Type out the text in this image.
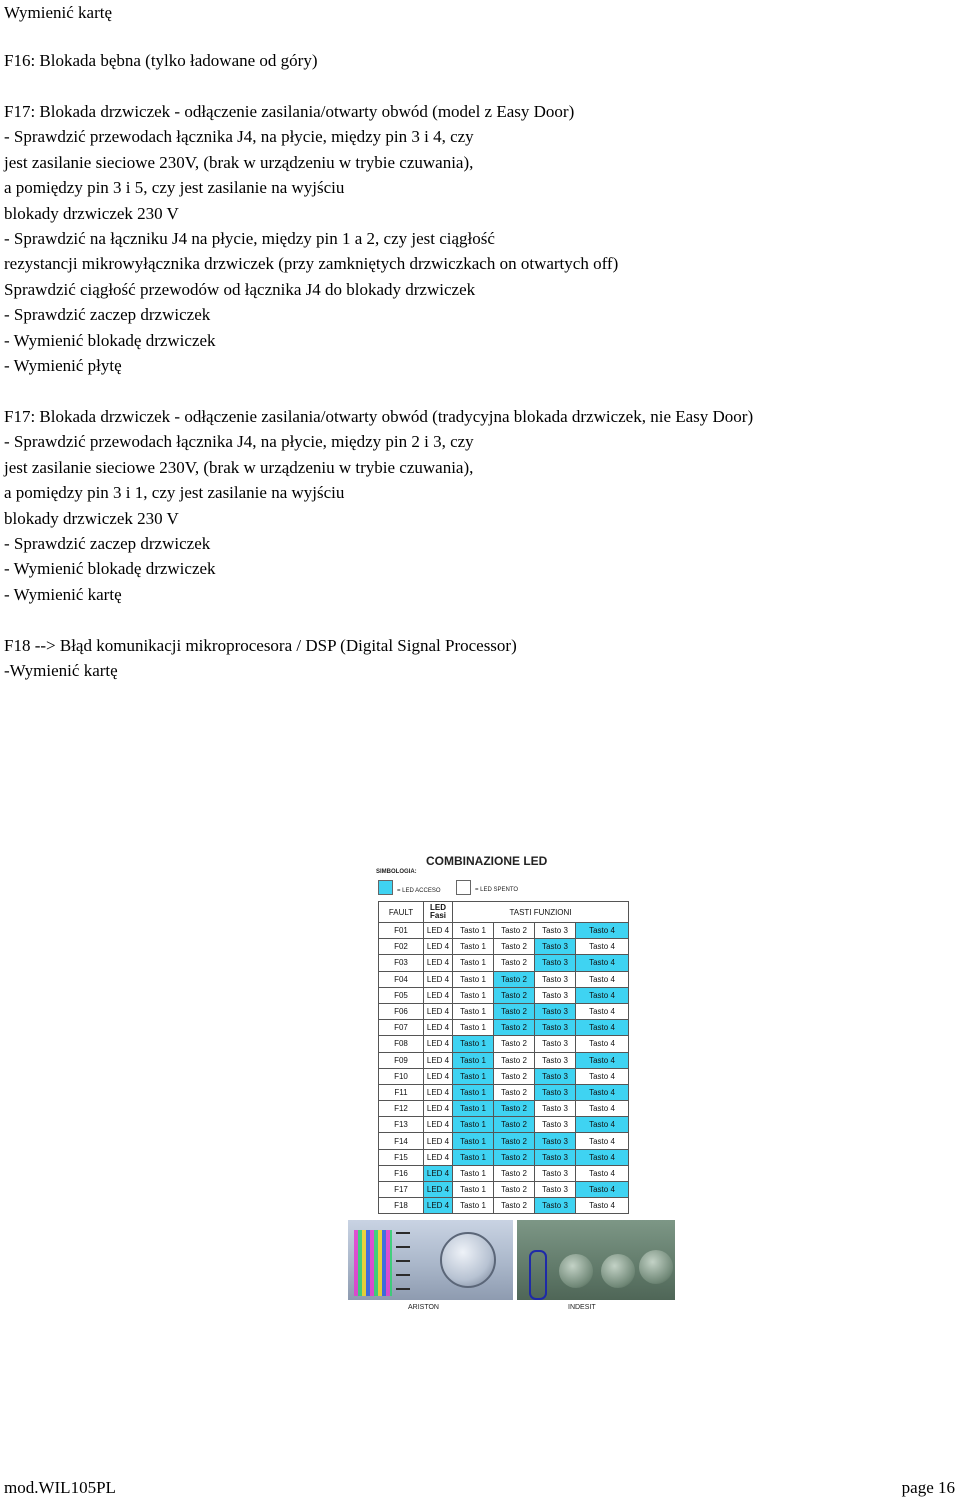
Wymienić kartę
F16: Blokada bębna (tylko ładowane od góry)
F17: Blokada drzwiczek - odłączenie zasilania/otwarty obwód (model z Easy Door)
- Sprawdzić przewodach łącznika J4, na płycie, między pin 3 i 4, czy
jest zasilanie sieciowe 230V, (brak w urządzeniu w trybie czuwania),
a pomiędzy pin 3 i 5, czy jest zasilanie na wyjściu
blokady drzwiczek 230 V
- Sprawdzić na łączniku J4 na płycie, między pin 1 a 2, czy jest ciągłość
rezystancji mikrowyłącznika drzwiczek (przy zamkniętych drzwiczkach on otwartych off)
Sprawdzić ciągłość przewodów od łącznika J4 do blokady drzwiczek
- Sprawdzić zaczep drzwiczek
- Wymienić blokadę drzwiczek
- Wymienić płytę
F17: Blokada drzwiczek - odłączenie zasilania/otwarty obwód (tradycyjna blokada drzwiczek, nie Easy Door)
- Sprawdzić przewodach łącznika J4, na płycie, między pin 2 i 3, czy
jest zasilanie sieciowe 230V, (brak w urządzeniu w trybie czuwania),
a pomiędzy pin 3 i 1, czy jest zasilanie na wyjściu
blokady drzwiczek 230 V
- Sprawdzić zaczep drzwiczek
- Wymienić blokadę drzwiczek
- Wymienić kartę
F18 --> Błąd komunikacji mikroprocesora / DSP (Digital Signal Processor)
-Wymienić kartę
COMBINAZIONE LED
SIMBOLOGIA:
= LED ACCESO	= LED SPENTO
FAULT	LED
Fasi	TASTI FUNZIONI			
F01	LED 4	Tasto 1	Tasto 2	Tasto 3	Tasto 4
F02	LED 4	Tasto 1	Tasto 2	Tasto 3	Tasto 4
F03	LED 4	Tasto 1	Tasto 2	Tasto 3	Tasto 4
F04	LED 4	Tasto 1	Tasto 2	Tasto 3	Tasto 4
F05	LED 4	Tasto 1	Tasto 2	Tasto 3	Tasto 4
F06	LED 4	Tasto 1	Tasto 2	Tasto 3	Tasto 4
F07	LED 4	Tasto 1	Tasto 2	Tasto 3	Tasto 4
F08	LED 4	Tasto 1	Tasto 2	Tasto 3	Tasto 4
F09	LED 4	Tasto 1	Tasto 2	Tasto 3	Tasto 4
F10	LED 4	Tasto 1	Tasto 2	Tasto 3	Tasto 4
F11	LED 4	Tasto 1	Tasto 2	Tasto 3	Tasto 4
F12	LED 4	Tasto 1	Tasto 2	Tasto 3	Tasto 4
F13	LED 4	Tasto 1	Tasto 2	Tasto 3	Tasto 4
F14	LED 4	Tasto 1	Tasto 2	Tasto 3	Tasto 4
F15	LED 4	Tasto 1	Tasto 2	Tasto 3	Tasto 4
F16	LED 4	Tasto 1	Tasto 2	Tasto 3	Tasto 4
F17	LED 4	Tasto 1	Tasto 2	Tasto 3	Tasto 4
F18	LED 4	Tasto 1	Tasto 2	Tasto 3	Tasto 4
ARISTON	INDESIT
mod.WIL105PL	page 16
